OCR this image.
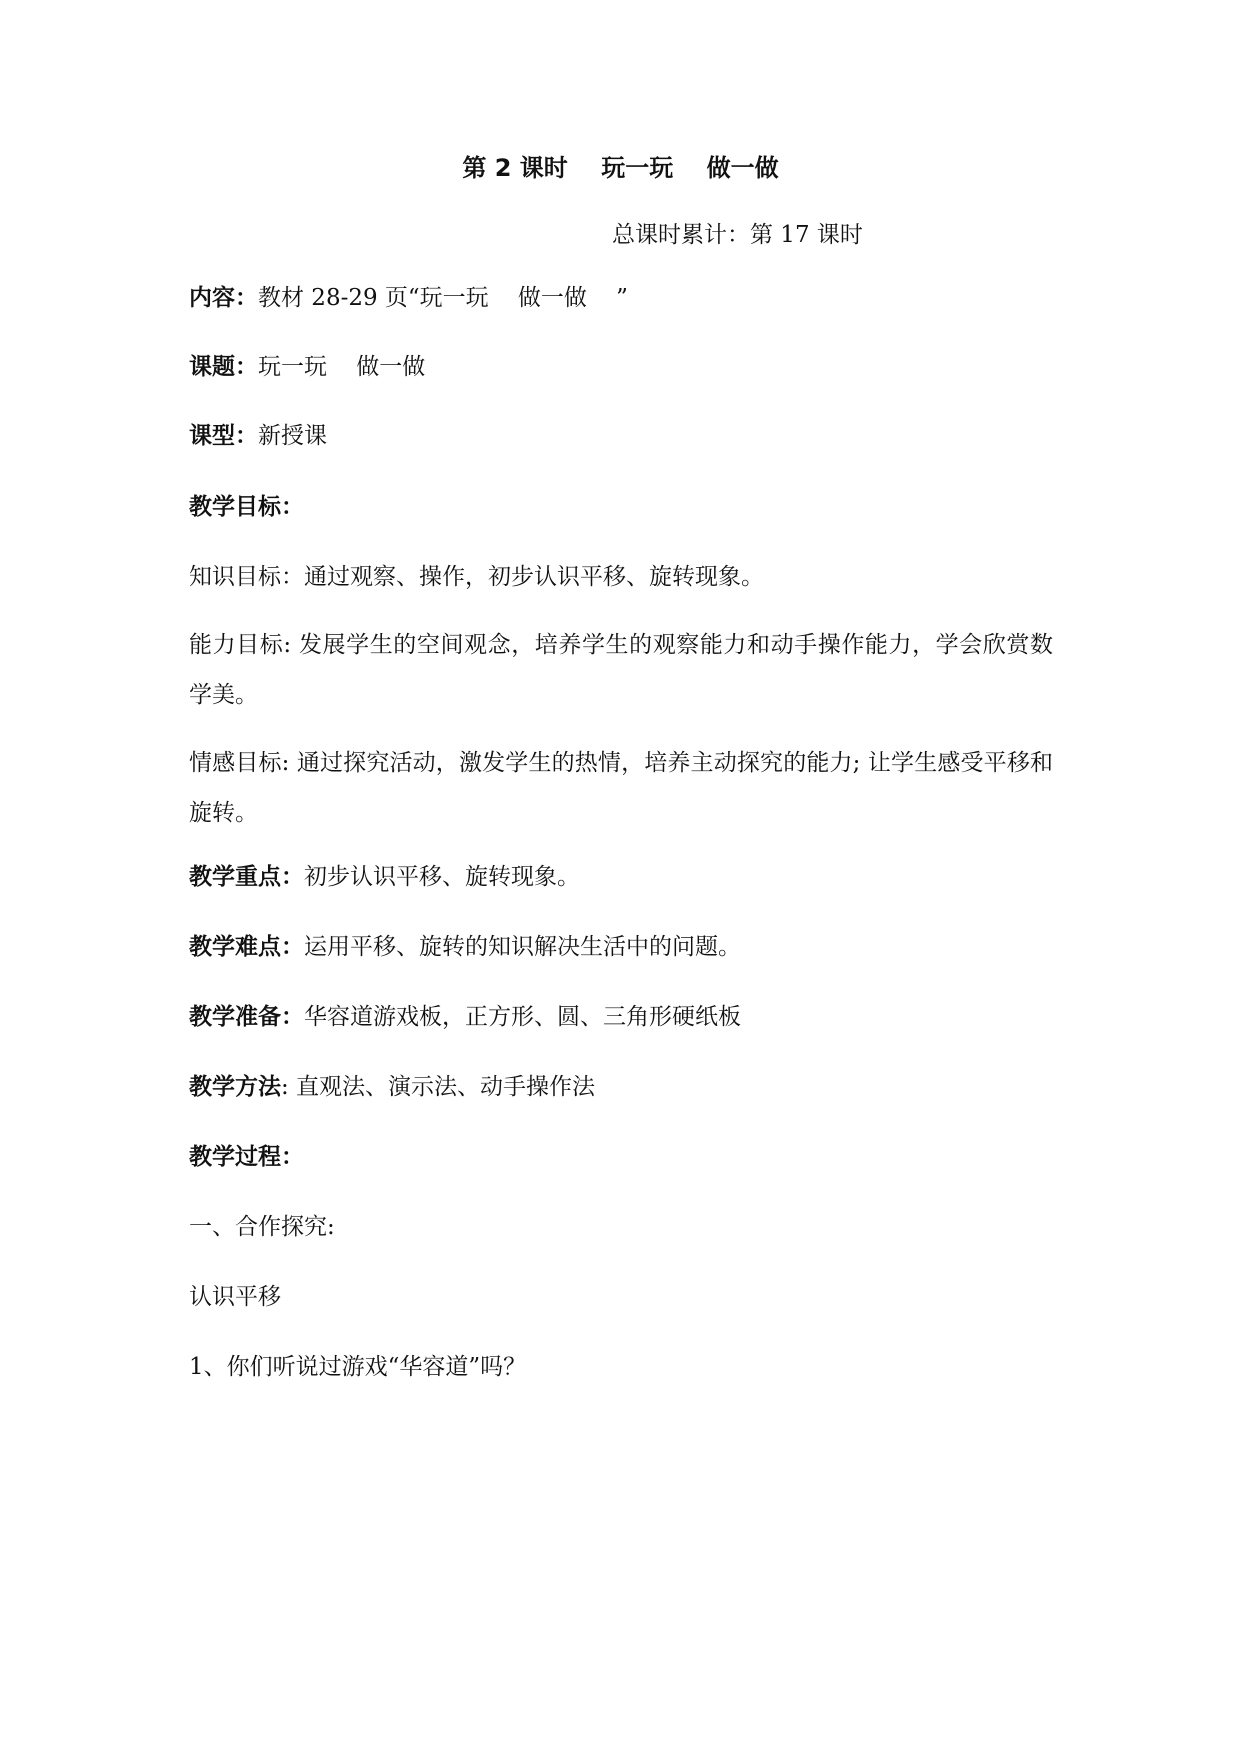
第 2 课时    玩一玩    做一做
总课时累计：第 17 课时
内容：教材 28-29 页“玩一玩    做一做    ”
课题：玩一玩    做一做
课型：新授课
教学目标：
知识目标：通过观察、操作，初步认识平移、旋转现象。
能力目标: 发展学生的空间观念，培养学生的观察能力和动手操作能力，学会欣赏数学美。
情感目标: 通过探究活动，激发学生的热情，培养主动探究的能力; 让学生感受平移和旋转。
教学重点：初步认识平移、旋转现象。
教学难点：运用平移、旋转的知识解决生活中的问题。
教学准备：华容道游戏板，正方形、圆、三角形硬纸板
教学方法: 直观法、演示法、动手操作法
教学过程：
一、合作探究:
认识平移
1、你们听说过游戏“华容道”吗？
